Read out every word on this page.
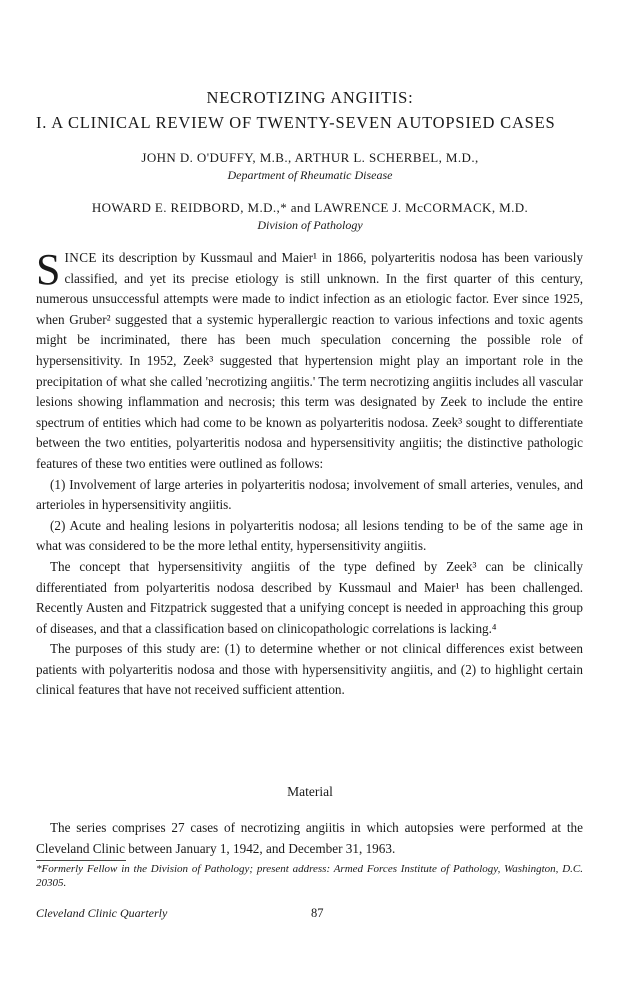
NECROTIZING ANGIITIS:
I. A CLINICAL REVIEW OF TWENTY-SEVEN AUTOPSIED CASES
JOHN D. O'DUFFY, M.B., ARTHUR L. SCHERBEL, M.D.,
Department of Rheumatic Disease
HOWARD E. REIDBORD, M.D.,* and LAWRENCE J. McCORMACK, M.D.
Division of Pathology

SINCE its description by Kussmaul and Maier¹ in 1866, polyarteritis nodosa has been variously classified, and yet its precise etiology is still unknown. In the first quarter of this century, numerous unsuccessful attempts were made to indict infection as an etiologic factor. Ever since 1925, when Gruber² suggested that a systemic hyperallergic reaction to various infections and toxic agents might be incriminated, there has been much speculation concerning the possible role of hypersensitivity. In 1952, Zeek³ suggested that hypertension might play an important role in the precipitation of what she called 'necrotizing angiitis.' The term necrotizing angiitis includes all vascular lesions showing inflammation and necrosis; this term was designated by Zeek to include the entire spectrum of entities which had come to be known as polyarteritis nodosa. Zeek³ sought to differentiate between the two entities, polyarteritis nodosa and hypersensitivity angiitis; the distinctive pathologic features of these two entities were outlined as follows:

(1) Involvement of large arteries in polyarteritis nodosa; involvement of small arteries, venules, and arterioles in hypersensitivity angiitis.

(2) Acute and healing lesions in polyarteritis nodosa; all lesions tending to be of the same age in what was considered to be the more lethal entity, hypersensitivity angiitis.

The concept that hypersensitivity angiitis of the type defined by Zeek³ can be clinically differentiated from polyarteritis nodosa described by Kussmaul and Maier¹ has been challenged. Recently Austen and Fitzpatrick suggested that a unifying concept is needed in approaching this group of diseases, and that a classification based on clinicopathologic correlations is lacking.⁴

The purposes of this study are: (1) to determine whether or not clinical differences exist between patients with polyarteritis nodosa and those with hypersensitivity angiitis, and (2) to highlight certain clinical features that have not received sufficient attention.

Material

The series comprises 27 cases of necrotizing angiitis in which autopsies were performed at the Cleveland Clinic between January 1, 1942, and December 31, 1963.

*Formerly Fellow in the Division of Pathology; present address: Armed Forces Institute of Pathology, Washington, D.C. 20305.
Cleveland Clinic Quarterly	87
